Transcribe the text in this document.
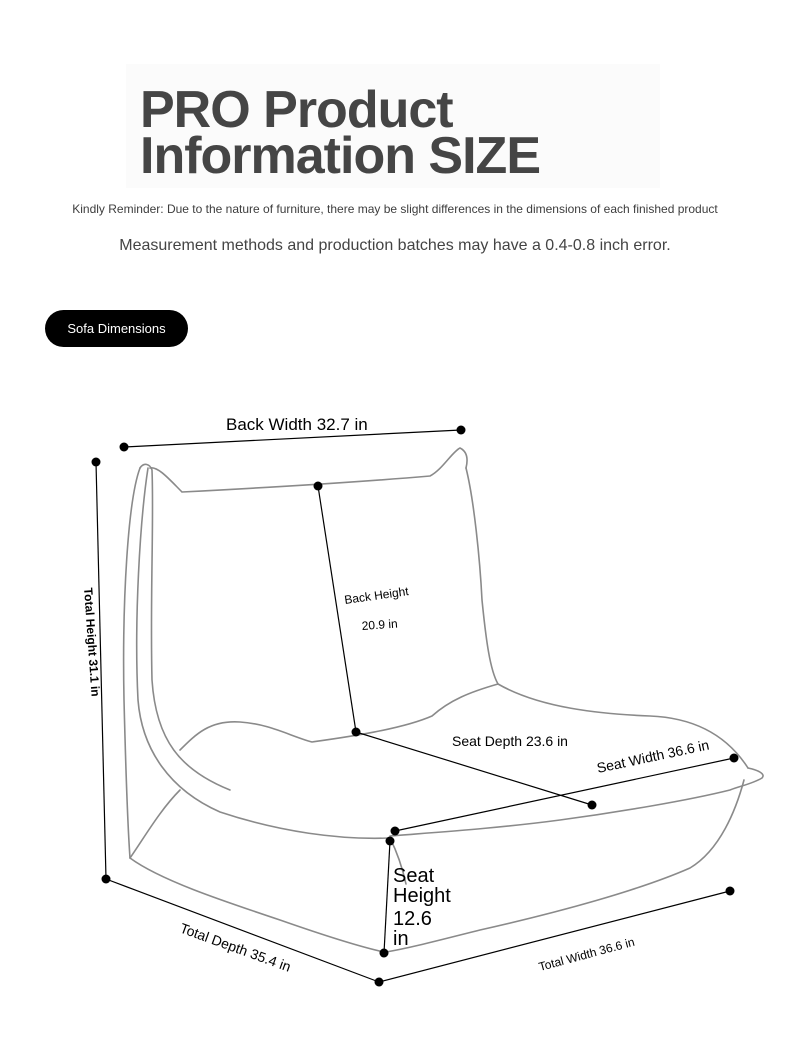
PRO Product
Information SIZE
Kindly Reminder: Due to the nature of furniture, there may be slight differences in the dimensions of each finished product
Measurement methods and production batches may have a 0.4-0.8 inch error.
Sofa Dimensions
Back Width 32.7 in
Total Height 31.1 in	Back Height
20.9 in
Seat Depth 23.6 in Seat Width 36.6 in
Seat
Height
12.6
in
Total Depth 35.4 in	Total Width 36.6 in
